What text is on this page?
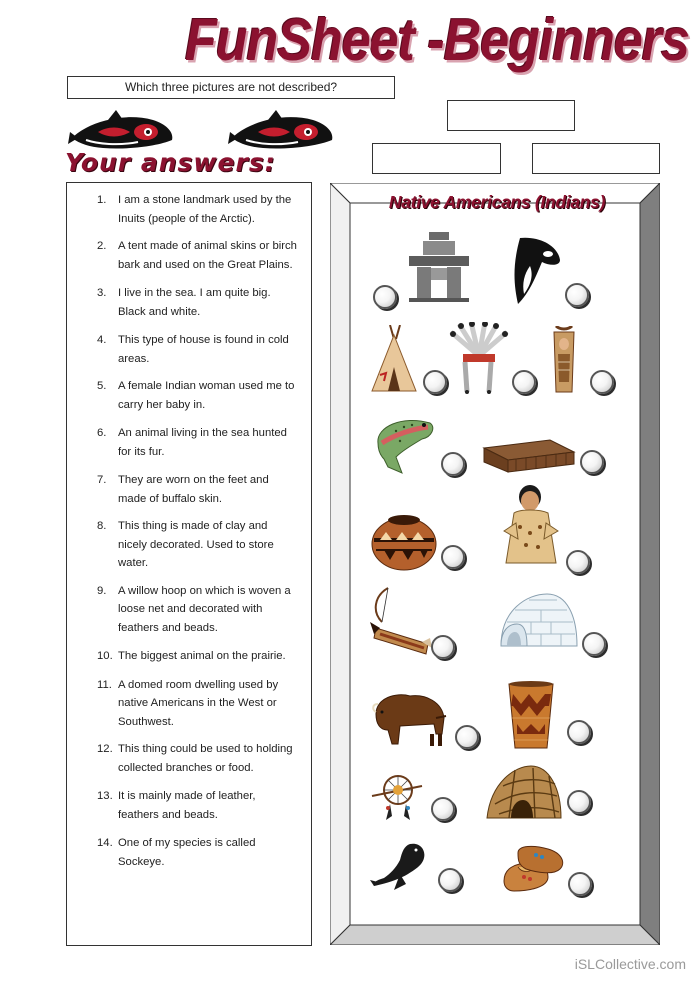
FunSheet -Beginners
Which three pictures are not described?
Your answers:
1. I am a stone landmark used by the Inuits (people of the Arctic).
2. A tent made of animal skins or birch bark and used on the Great Plains.
3. I live in the sea. I am quite big. Black and white.
4. This type of house is found in cold areas.
5. A female Indian woman used me to carry her baby in.
6. An animal living in the sea hunted for its fur.
7. They are worn on the feet and made of buffalo skin.
8. This thing is made of clay and nicely decorated. Used to store water.
9. A willow hoop on which is woven a loose net and decorated with feathers and beads.
10. The biggest animal on the prairie.
11. A domed room dwelling used by native Americans in the West or Southwest.
12. This thing could be used to holding collected branches or food.
13. It is mainly made of leather, feathers and beads.
14. One of my species is called Sockeye.
Native Americans (Indians)
iSLCollective.com
